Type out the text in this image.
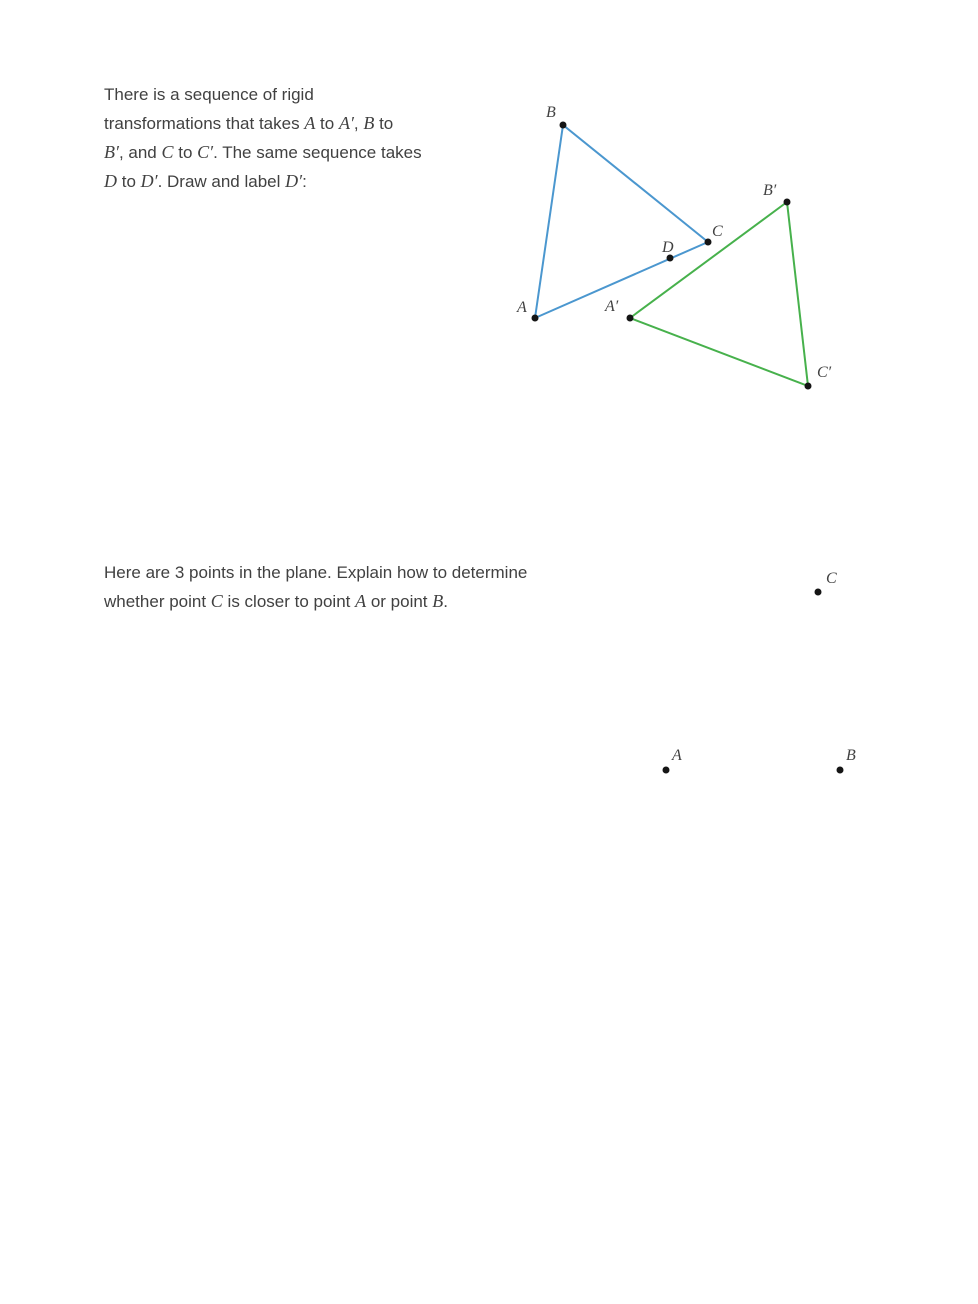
There is a sequence of rigid
transformations that takes A to A′, B to
B′, and C to C′. The same sequence takes
D to D′. Draw and label D′:
Here are 3 points in the plane. Explain how to determine
whether point C is closer to point A or point B.
A
B
C
D
A′
B′
C′
C
A	B
